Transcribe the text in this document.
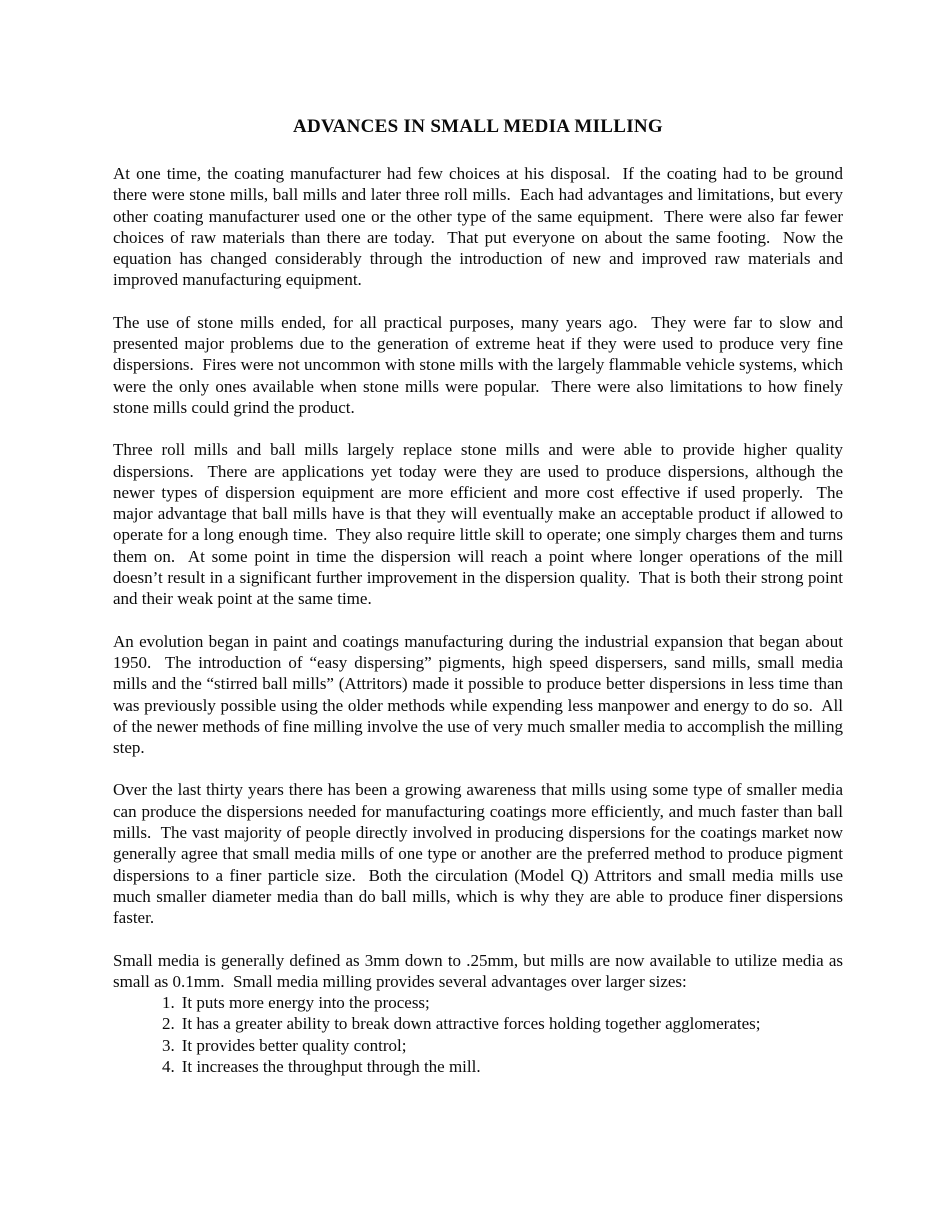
ADVANCES IN SMALL MEDIA MILLING

At one time, the coating manufacturer had few choices at his disposal.  If the coating had to be ground there were stone mills, ball mills and later three roll mills.  Each had advantages and limitations, but every other coating manufacturer used one or the other type of the same equipment.  There were also far fewer choices of raw materials than there are today.  That put everyone on about the same footing.  Now the equation has changed considerably through the introduction of new and improved raw materials and improved manufacturing equipment.

The use of stone mills ended, for all practical purposes, many years ago.  They were far to slow and presented major problems due to the generation of extreme heat if they were used to produce very fine dispersions.  Fires were not uncommon with stone mills with the largely flammable vehicle systems, which were the only ones available when stone mills were popular.  There were also limitations to how finely stone mills could grind the product.

Three roll mills and ball mills largely replace stone mills and were able to provide higher quality dispersions.  There are applications yet today were they are used to produce dispersions, although the newer types of dispersion equipment are more efficient and more cost effective if used properly.  The major advantage that ball mills have is that they will eventually make an acceptable product if allowed to operate for a long enough time.  They also require little skill to operate; one simply charges them and turns them on.  At some point in time the dispersion will reach a point where longer operations of the mill doesn’t result in a significant further improvement in the dispersion quality.  That is both their strong point and their weak point at the same time.

An evolution began in paint and coatings manufacturing during the industrial expansion that began about 1950.  The introduction of “easy dispersing” pigments, high speed dispersers, sand mills, small media mills and the “stirred ball mills” (Attritors) made it possible to produce better dispersions in less time than was previously possible using the older methods while expending less manpower and energy to do so.  All of the newer methods of fine milling involve the use of very much smaller media to accomplish the milling step.

Over the last thirty years there has been a growing awareness that mills using some type of smaller media can produce the dispersions needed for manufacturing coatings more efficiently, and much faster than ball mills.  The vast majority of people directly involved in producing dispersions for the coatings market now generally agree that small media mills of one type or another are the preferred method to produce pigment dispersions to a finer particle size.  Both the circulation (Model Q) Attritors and small media mills use much smaller diameter media than do ball mills, which is why they are able to produce finer dispersions faster.

Small media is generally defined as 3mm down to .25mm, but mills are now available to utilize media as small as 0.1mm.  Small media milling provides several advantages over larger sizes:

1. It puts more energy into the process;
2. It has a greater ability to break down attractive forces holding together agglomerates;
3. It provides better quality control;
4. It increases the throughput through the mill.
